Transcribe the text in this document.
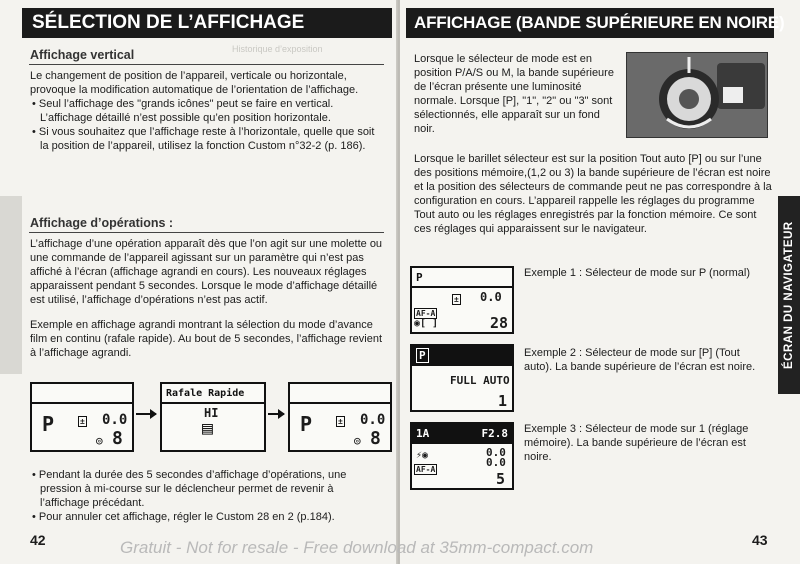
SÉLECTION DE L’AFFICHAGE
Historique d’exposition
Affichage vertical
Le changement de position de l’appareil, verticale ou horizontale, provoque la modification automatique de l’orientation de l’affichage.
• Seul l’affichage des "grands icônes" peut se faire en vertical. L’affichage détaillé n’est possible qu’en position horizontale.
• Si vous souhaitez que l’affichage reste à l’horizontale, quelle que soit la position de l’appareil, utilisez la fonction Custom n°32-2 (p. 186).
Affichage d’opérations :
L’affichage d’une opération apparaît dès que l’on agit sur une molette ou une commande de l’appareil agissant sur un paramètre qui n’est pas affiché à l’écran (affichage agrandi en cours). Les nouveaux réglages apparaissent pendant 5 secondes. Lorsque le mode d’affichage détaillé est utilisé, l’affichage d’opérations n’est pas actif.
Exemple en affichage agrandi montrant la sélection du mode d’avance film en continu (rafale rapide). Au bout de 5 secondes, l’affichage revient à l’affichage agrandi.
P	± 0.0
8
◎
Rafale Rapide
HI
▤	P	± 0.0
8
◎
• Pendant la durée des 5 secondes d’affichage d’opérations, une pression à mi-course sur le déclencheur permet de revenir à l’affichage précédant.
• Pour annuler cet affichage, régler le Custom 28 en 2 (p.184).
42
AFFICHAGE (BANDE SUPÉRIEURE EN NOIRE)
Lorsque le sélecteur de mode est en position P/A/S ou M, la bande supérieure de l’écran présente une luminosité normale. Lorsque [P], "1", "2" ou "3" sont sélectionnés, elle apparaît sur un fond noir.
Lorsque le barillet sélecteur est sur la position Tout auto [P] ou sur l’une des positions mémoire,(1,2 ou 3) la bande supérieure de l’écran est noire et la position des sélecteurs de commande peut ne pas correspondre à la configuration en cours. L’appareil rappelle les réglages du programme Tout auto ou les réglages enregistrés par la fonction mémoire. Ce sont ces réglages qui apparaissent sur le navigateur.
P
± 0.0
AF-A
◉[ ]	28
Exemple 1 : Sélecteur de mode sur P (normal)
P
FULL AUTO
1
Exemple 2 : Sélecteur de mode sur [P] (Tout auto). La bande supérieure de l’écran est noire.
1A	F2.8
0.0
0.0
⚡◉
AF-A
5
Exemple 3 : Sélecteur de mode sur 1 (réglage mémoire). La bande supérieure de l’écran est noire.
43
ÉCRAN DU NAVIGATEUR
Gratuit - Not for resale - Free download at 35mm-compact.com
